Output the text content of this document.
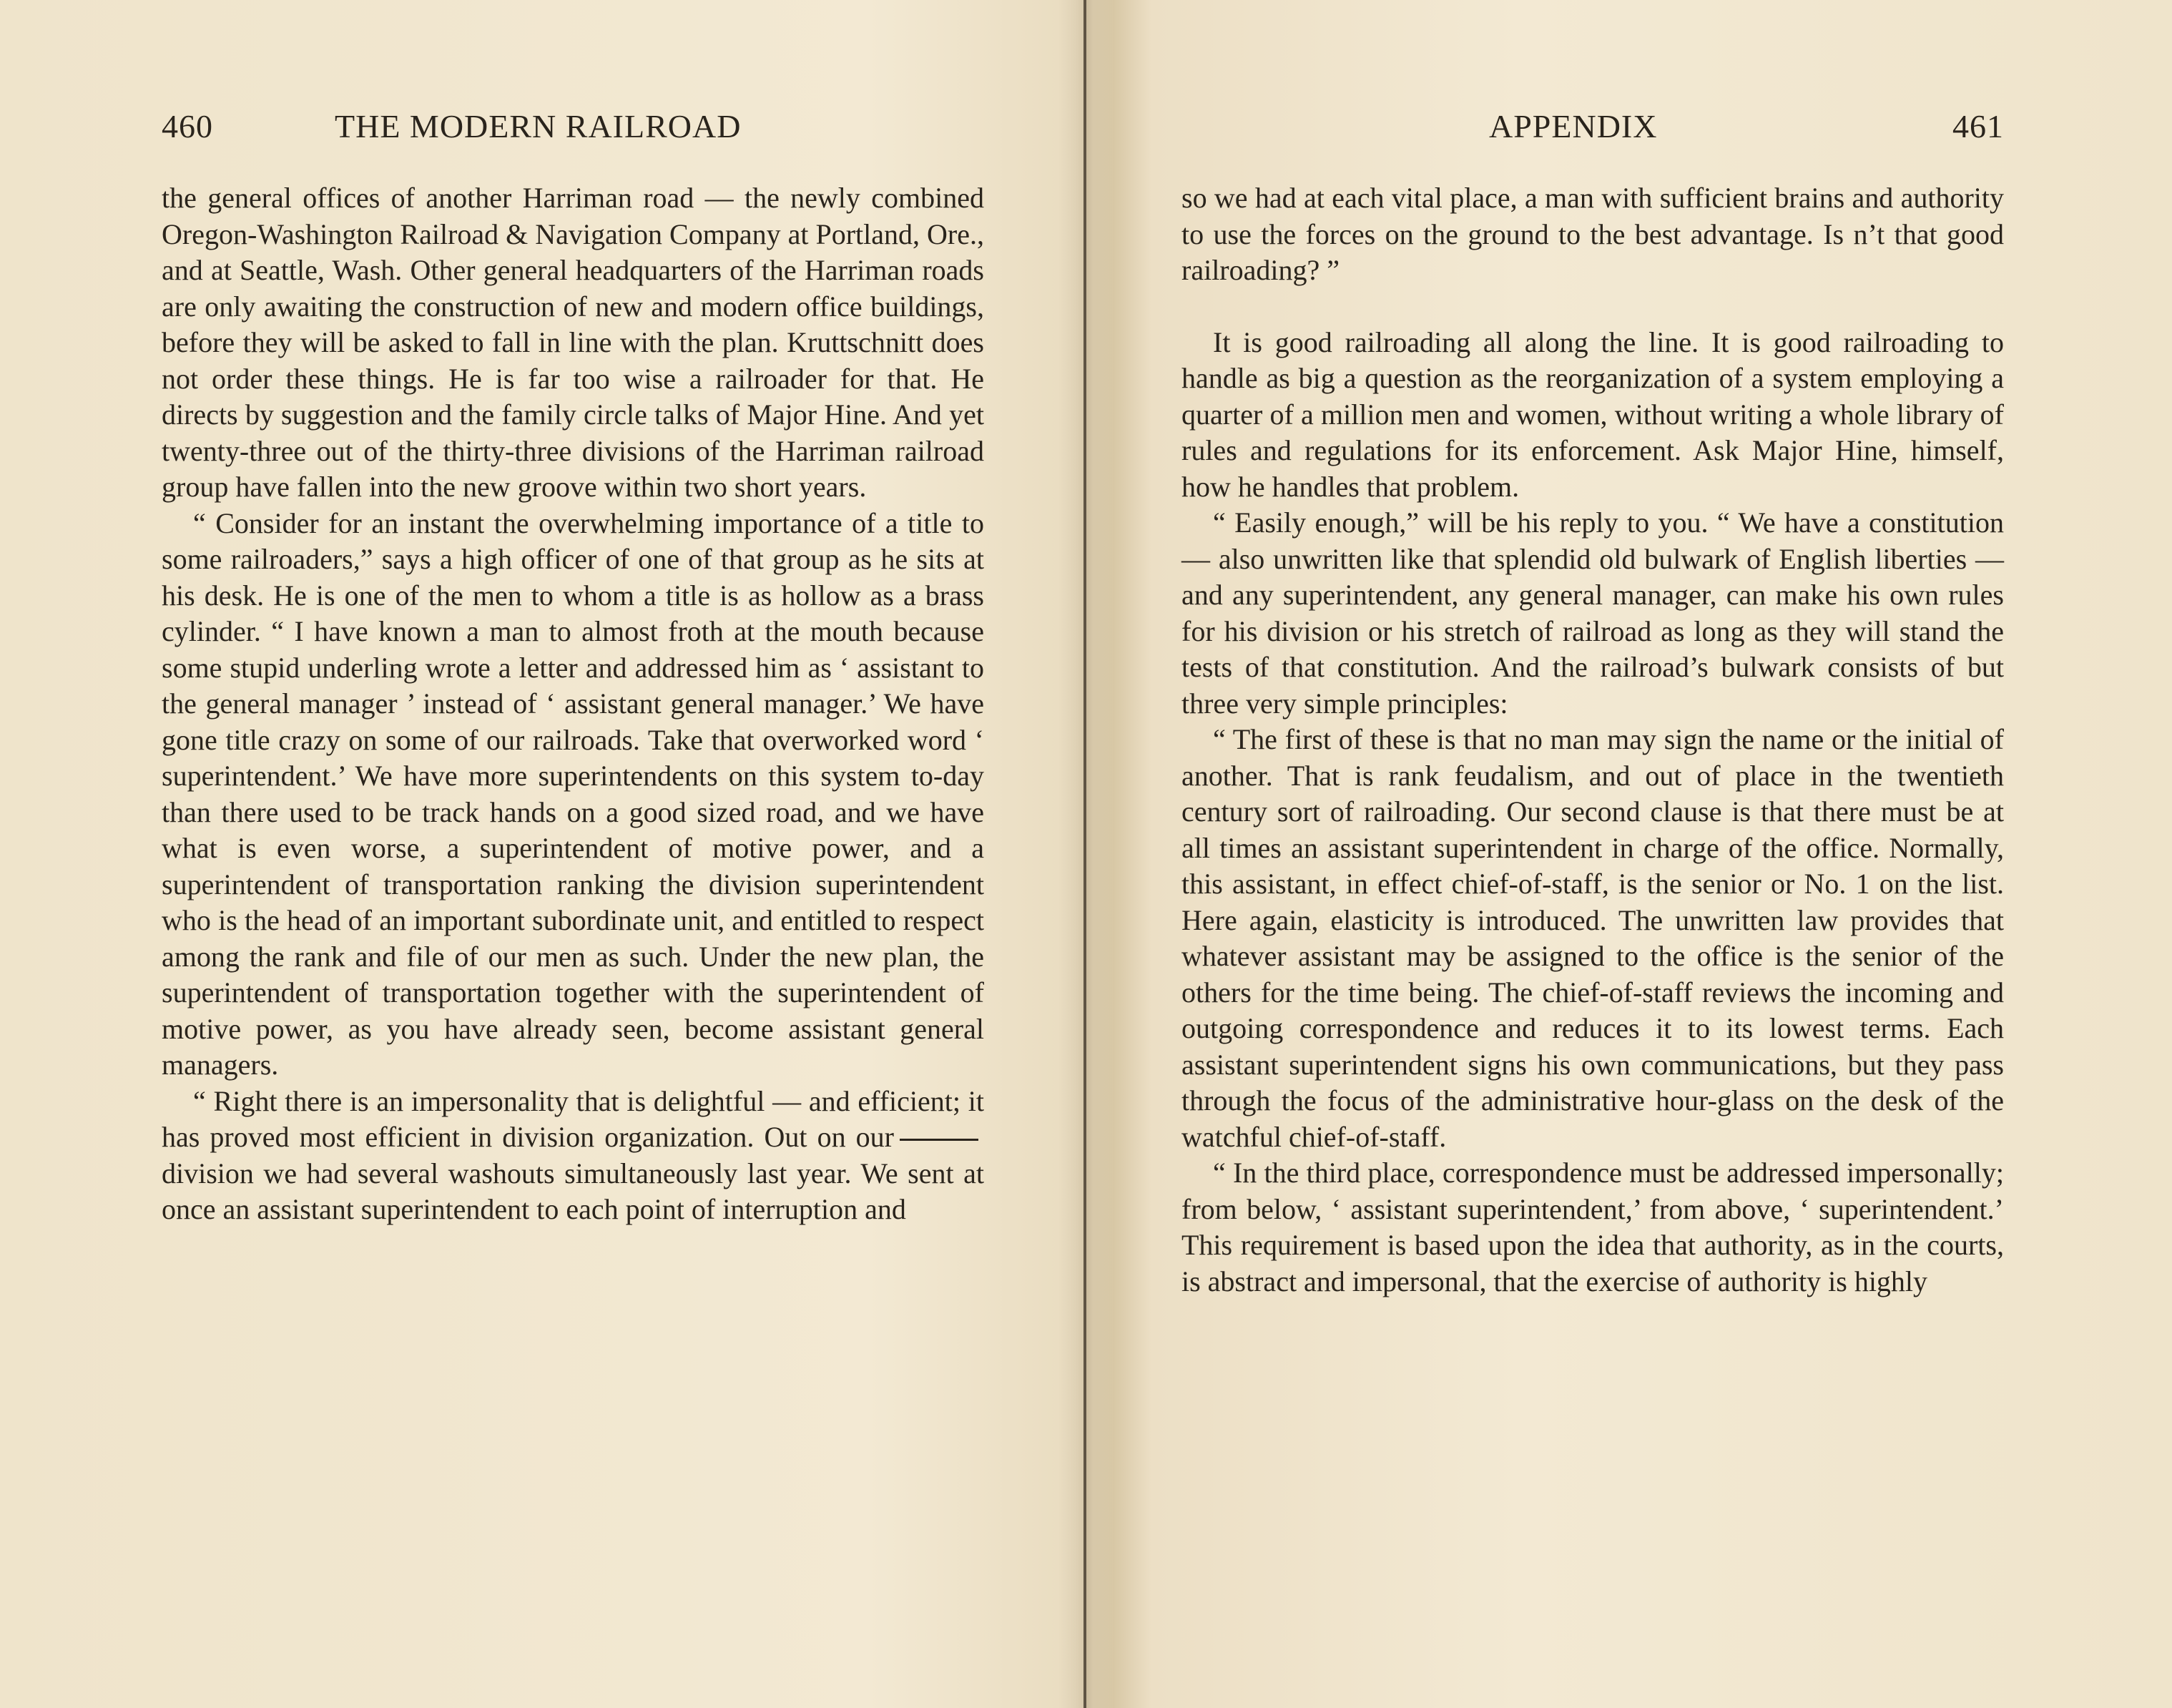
460	THE MODERN RAILROAD

the general offices of another Harriman road — the newly combined Oregon-Washington Railroad & Navigation Company at Portland, Ore., and at Seattle, Wash. Other general headquarters of the Harriman roads are only awaiting the construction of new and modern office buildings, before they will be asked to fall in line with the plan. Kruttschnitt does not order these things. He is far too wise a railroader for that. He directs by suggestion and the family circle talks of Major Hine. And yet twenty-three out of the thirty-three divisions of the Harriman railroad group have fallen into the new groove within two short years.

“ Consider for an instant the overwhelming importance of a title to some railroaders,” says a high officer of one of that group as he sits at his desk. He is one of the men to whom a title is as hollow as a brass cylinder. “ I have known a man to almost froth at the mouth because some stupid underling wrote a letter and addressed him as ‘ assistant to the general manager ’ instead of ‘ assistant general manager.’ We have gone title crazy on some of our railroads. Take that overworked word ‘ superintendent.’ We have more superintendents on this system to-day than there used to be track hands on a good sized road, and we have what is even worse, a superintendent of motive power, and a superintendent of transportation ranking the division superintendent who is the head of an important subordinate unit, and entitled to respect among the rank and file of our men as such. Under the new plan, the superintendent of transportation together with the superintendent of motive power, as you have already seen, become assistant general managers.

“ Right there is an impersonality that is delightful — and efficient; it has proved most efficient in division organization. Out on ourdivision we had several washouts simultaneously last year. We sent at once an assistant superintendent to each point of interruption and

APPENDIX	461

so we had at each vital place, a man with sufficient brains and authority to use the forces on the ground to the best advantage. Is n’t that good railroading? ”

It is good railroading all along the line. It is good railroading to handle as big a question as the reorganization of a system employing a quarter of a million men and women, without writing a whole library of rules and regulations for its enforcement. Ask Major Hine, himself, how he handles that problem.

“ Easily enough,” will be his reply to you. “ We have a constitution — also unwritten like that splendid old bulwark of English liberties — and any superintendent, any general manager, can make his own rules for his division or his stretch of railroad as long as they will stand the tests of that constitution. And the railroad’s bulwark consists of but three very simple principles:

“ The first of these is that no man may sign the name or the initial of another. That is rank feudalism, and out of place in the twentieth century sort of railroading. Our second clause is that there must be at all times an assistant superintendent in charge of the office. Normally, this assistant, in effect chief-of-staff, is the senior or No. 1 on the list. Here again, elasticity is introduced. The unwritten law provides that whatever assistant may be assigned to the office is the senior of the others for the time being. The chief-of-staff reviews the incoming and outgoing correspondence and reduces it to its lowest terms. Each assistant superintendent signs his own communications, but they pass through the focus of the administrative hour-glass on the desk of the watchful chief-of-staff.

“ In the third place, correspondence must be addressed impersonally; from below, ‘ assistant superintendent,’ from above, ‘ superintendent.’ This requirement is based upon the idea that authority, as in the courts, is abstract and impersonal, that the exercise of authority is highly
